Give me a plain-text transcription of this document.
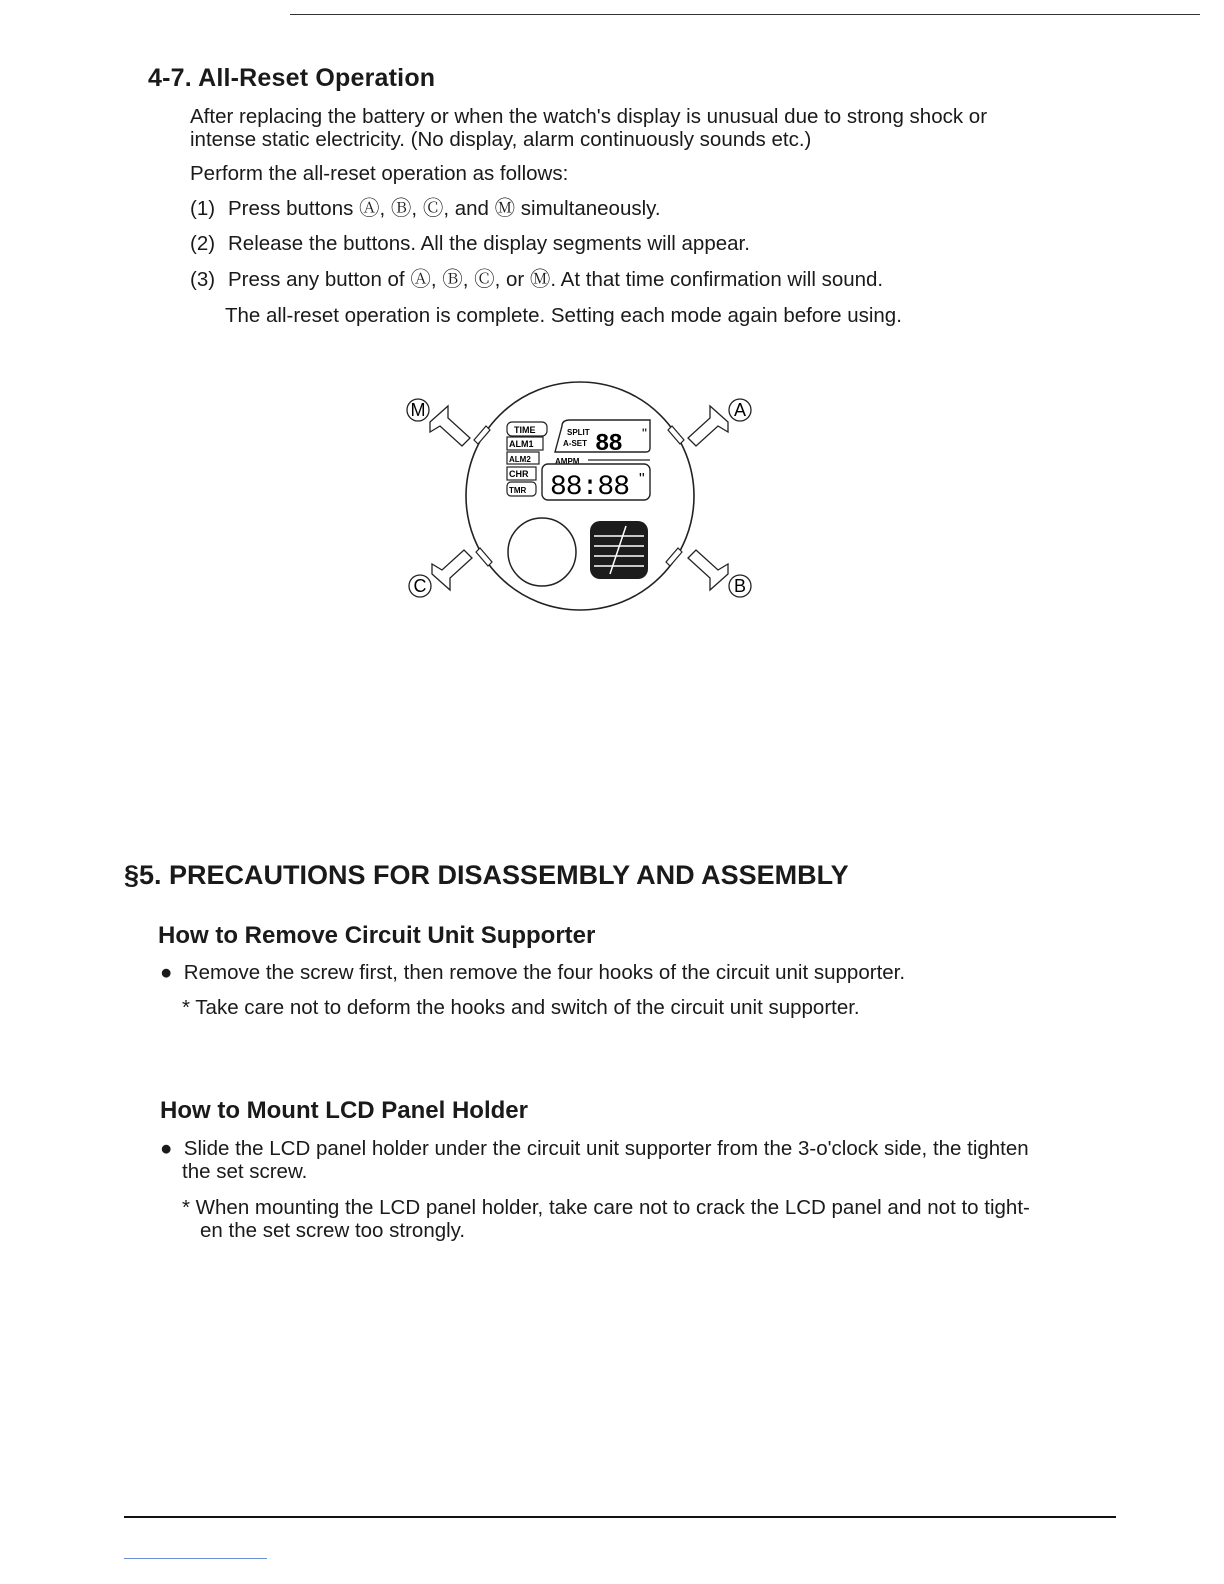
4-7. All-Reset Operation
After replacing the battery or when the watch's display is unusual due to strong shock or
intense static electricity. (No display, alarm continuously sounds etc.)
Perform the all-reset operation as follows:
(1) Press buttons Ⓐ, Ⓑ, Ⓒ, and Ⓜ simultaneously.
(2) Release the buttons. All the display segments will appear.
(3) Press any button of Ⓐ, Ⓑ, Ⓒ, or Ⓜ. At that time confirmation will sound.
The all-reset operation is complete. Setting each mode again before using.
M	A
C	B
TIME
ALM1
ALM2
CHR
TMR
SPLIT
A-SET 88 "
AMPM
88:88 "
§5. PRECAUTIONS FOR DISASSEMBLY AND ASSEMBLY
How to Remove Circuit Unit Supporter
● Remove the screw first, then remove the four hooks of the circuit unit supporter.
* Take care not to deform the hooks and switch of the circuit unit supporter.
How to Mount LCD Panel Holder
● Slide the LCD panel holder under the circuit unit supporter from the 3-o'clock side, the tighten
the set screw.
* When mounting the LCD panel holder, take care not to crack the LCD panel and not to tight-
en the set screw too strongly.
